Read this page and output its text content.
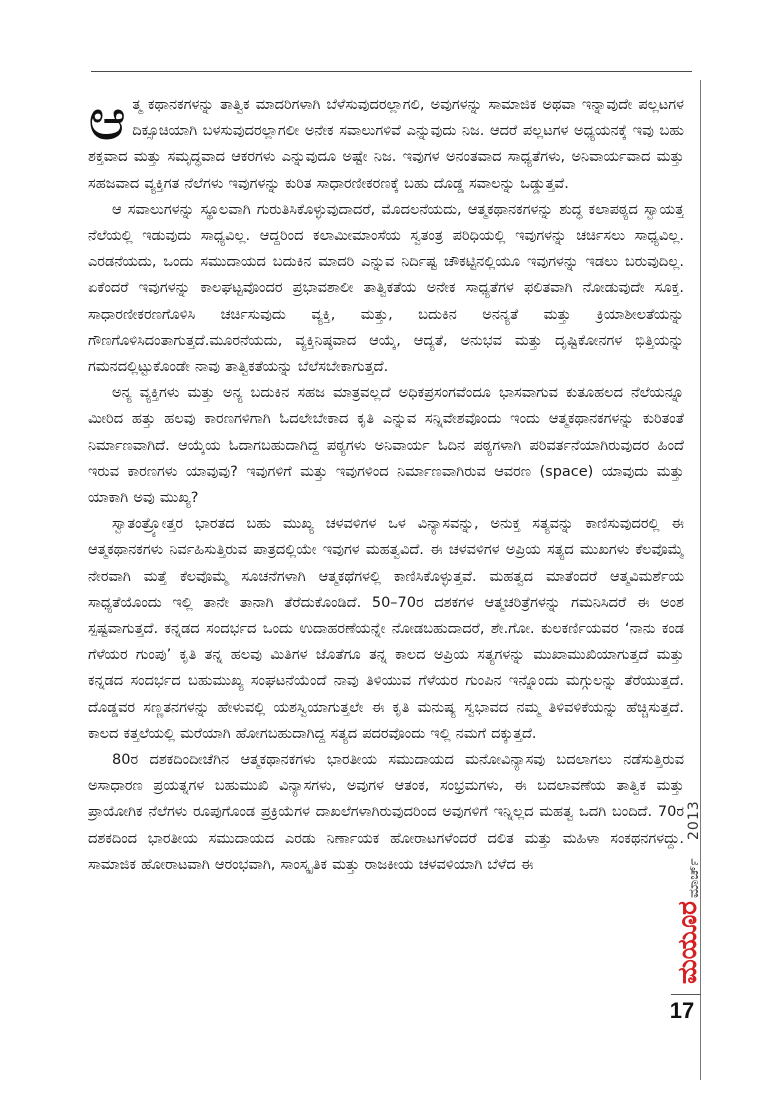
ಆತ್ಮ ಕಥಾನಕಗಳನ್ನು ತಾತ್ವಿಕ ಮಾದರಿಗಳಾಗಿ ಬೆಳೆಸುವುದರಲ್ಲಾಗಲಿ, ಅವುಗಳನ್ನು ಸಾಮಾಜಿಕ ಅಥವಾ ಇನ್ನಾವುದೇ ಪಲ್ಲಟಗಳ ದಿಕ್ಸೂಚಿಯಾಗಿ ಬಳಸುವುದರಲ್ಲಾಗಲೀ ಅನೇಕ ಸವಾಲುಗಳಿವೆ ಎನ್ನುವುದು ನಿಜ. ಆದರೆ ಪಲ್ಲಟಗಳ ಅಧ್ಯಯನಕ್ಕೆ ಇವು ಬಹು ಶಕ್ತವಾದ ಮತ್ತು ಸಮೃದ್ಧವಾದ ಆಕರಗಳು ಎನ್ನುವುದೂ ಅಷ್ಟೇ ನಿಜ. ಇವುಗಳ ಅನಂತವಾದ ಸಾಧ್ಯತೆಗಳು, ಅನಿವಾರ್ಯವಾದ ಮತ್ತು ಸಹಜವಾದ ವ್ಯಕ್ತಿಗತ ನೆಲೆಗಳು ಇವುಗಳನ್ನು ಕುರಿತ ಸಾಧಾರಣೀಕರಣಕ್ಕೆ ಬಹು ದೊಡ್ಡ ಸವಾಲನ್ನು ಒಡ್ಡುತ್ತವೆ.

ಆ ಸವಾಲುಗಳನ್ನು ಸ್ಥೂಲವಾಗಿ ಗುರುತಿಸಿಕೊಳ್ಳುವುದಾದರೆ, ಮೊದಲನೆಯದು, ಆತ್ಮಕಥಾನಕಗಳನ್ನು ಶುದ್ಧ ಕಲಾಪಠ್ಯದ ಸ್ವಾಯತ್ತ ನೆಲೆಯಲ್ಲಿ ಇಡುವುದು ಸಾಧ್ಯವಿಲ್ಲ. ಆದ್ದರಿಂದ ಕಲಾಮೀಮಾಂಸೆಯ ಸ್ವತಂತ್ರ ಪರಿಧಿಯಲ್ಲಿ ಇವುಗಳನ್ನು ಚರ್ಚಿಸಲು ಸಾಧ್ಯವಿಲ್ಲ. ಎರಡನೆಯದು, ಒಂದು ಸಮುದಾಯದ ಬದುಕಿನ ಮಾದರಿ ಎನ್ನುವ ನಿರ್ದಿಷ್ಟ ಚೌಕಟ್ಟಿನಲ್ಲಿಯೂ ಇವುಗಳನ್ನು ಇಡಲು ಬರುವುದಿಲ್ಲ. ಏಕೆಂದರೆ ಇವುಗಳನ್ನು ಕಾಲಘಟ್ಟವೊಂದರ ಪ್ರಭಾವಶಾಲೀ ತಾತ್ವಿಕತೆಯ ಅನೇಕ ಸಾಧ್ಯತೆಗಳ ಫಲಿತವಾಗಿ ನೋಡುವುದೇ ಸೂಕ್ತ. ಸಾಧಾರಣೀಕರಣಗೊಳಿಸಿ ಚರ್ಚಿಸುವುದು ವ್ಯಕ್ತಿ, ಮತ್ತು, ಬದುಕಿನ ಅನನ್ಯತೆ ಮತ್ತು ಕ್ರಿಯಾಶೀಲತೆಯನ್ನು ಗೌಣಗೊಳಿಸಿದಂತಾಗುತ್ತದೆ.ಮೂರನೆಯದು, ವ್ಯಕ್ತಿನಿಷ್ಠವಾದ ಆಯ್ಕೆ, ಆದ್ಯತೆ, ಅನುಭವ ಮತ್ತು ದೃಷ್ಟಿಕೋನಗಳ ಭಿತ್ತಿಯನ್ನು ಗಮನದಲ್ಲಿಟ್ಟುಕೊಂಡೇ ನಾವು ತಾತ್ವಿಕತೆಯನ್ನು ಬೆಲೆಸಬೇಕಾಗುತ್ತದೆ.

ಅನ್ಯ ವ್ಯಕ್ತಿಗಳು ಮತ್ತು ಅನ್ಯ ಬದುಕಿನ ಸಹಜ ಮಾತ್ರವಲ್ಲದೆ ಅಧಿಕಪ್ರಸಂಗವೆಂದೂ ಭಾಸವಾಗುವ ಕುತೂಹಲದ ನೆಲೆಯನ್ನೂ ಮೀರಿದ ಹತ್ತು ಹಲವು ಕಾರಣಗಳಿಗಾಗಿ ಓದಲೇಬೇಕಾದ ಕೃತಿ ಎನ್ನುವ ಸನ್ನಿವೇಶವೊಂದು ಇಂದು ಆತ್ಮಕಥಾನಕಗಳನ್ನು ಕುರಿತಂತೆ ನಿರ್ಮಾಣವಾಗಿದೆ. ಆಯ್ಕೆಯ ಓದಾಗಬಹುದಾಗಿದ್ದ ಪಠ್ಯಗಳು ಅನಿವಾರ್ಯ ಓದಿನ ಪಠ್ಯಗಳಾಗಿ ಪರಿವರ್ತನೆಯಾಗಿರುವುದರ ಹಿಂದೆ ಇರುವ ಕಾರಣಗಳು ಯಾವುವು? ಇವುಗಳಿಗೆ ಮತ್ತು ಇವುಗಳಿಂದ ನಿರ್ಮಾಣವಾಗಿರುವ ಆವರಣ (space) ಯಾವುದು ಮತ್ತು ಯಾಕಾಗಿ ಅವು ಮುಖ್ಯ?

ಸ್ವಾತಂತ್ರ್ಯೋತ್ತರ ಭಾರತದ ಬಹು ಮುಖ್ಯ ಚಳವಳಿಗಳ ಒಳ ವಿನ್ಯಾಸವನ್ನು, ಅನುಕ್ತ ಸತ್ಯವನ್ನು ಕಾಣಿಸುವುದರಲ್ಲಿ ಈ ಆತ್ಮಕಥಾನಕಗಳು ನಿರ್ವಹಿಸುತ್ತಿರುವ ಪಾತ್ರದಲ್ಲಿಯೇ ಇವುಗಳ ಮಹತ್ವವಿದೆ. ಈ ಚಳವಳಿಗಳ ಅಪ್ರಿಯ ಸತ್ಯದ ಮುಖಗಳು ಕೆಲವೊಮ್ಮೆ ನೇರವಾಗಿ ಮತ್ತೆ ಕೆಲವೊಮ್ಮೆ ಸೂಚನೆಗಳಾಗಿ ಆತ್ಮಕಥೆಗಳಲ್ಲಿ ಕಾಣಿಸಿಕೊಳ್ಳುತ್ತವೆ. ಮಹತ್ವದ ಮಾತೆಂದರೆ ಆತ್ಮವಿಮರ್ಶೆಯ ಸಾಧ್ಯತೆಯೊಂದು ಇಲ್ಲಿ ತಾನೇ ತಾನಾಗಿ ತೆರೆದುಕೊಂಡಿದೆ. 50–70ರ ದಶಕಗಳ ಆತ್ಮಚರಿತ್ರೆಗಳನ್ನು ಗಮನಿಸಿದರೆ ಈ ಅಂಶ ಸ್ಪಷ್ಟವಾಗುತ್ತದೆ. ಕನ್ನಡದ ಸಂದರ್ಭದ ಒಂದು ಉದಾಹರಣೆಯನ್ನೇ ನೋಡಬಹುದಾದರೆ, ಶೇ.ಗೋ. ಕುಲಕರ್ಣಿಯವರ ‘ನಾನು ಕಂಡ ಗೆಳೆಯರ ಗುಂಪು’ ಕೃತಿ ತನ್ನ ಹಲವು ಮಿತಿಗಳ ಜೊತೆಗೂ ತನ್ನ ಕಾಲದ ಅಪ್ರಿಯ ಸತ್ಯಗಳನ್ನು ಮುಖಾಮುಖಿಯಾಗುತ್ತದೆ ಮತ್ತು ಕನ್ನಡದ ಸಂದರ್ಭದ ಬಹುಮುಖ್ಯ ಸಂಘಟನೆಯೆಂದೆ ನಾವು ತಿಳಿಯುವ ಗೆಳೆಯರ ಗುಂಪಿನ ಇನ್ನೊಂದು ಮಗ್ಗುಲನ್ನು ತೆರೆಯುತ್ತದೆ. ದೊಡ್ಡವರ ಸಣ್ಣತನಗಳನ್ನು ಹೇಳುವಲ್ಲಿ ಯಶಸ್ವಿಯಾಗುತ್ತಲೇ ಈ ಕೃತಿ ಮನುಷ್ಯ ಸ್ವಭಾವದ ನಮ್ಮ ತಿಳಿವಳಿಕೆಯನ್ನು ಹೆಚ್ಚಿಸುತ್ತದೆ. ಕಾಲದ ಕತ್ತಲೆಯಲ್ಲಿ ಮರೆಯಾಗಿ ಹೋಗಬಹುದಾಗಿದ್ದ ಸತ್ಯದ ಪದರವೊಂದು ಇಲ್ಲಿ ನಮಗೆ ದಕ್ಕುತ್ತದೆ.

80ರ ದಶಕದಿಂದೀಚೆಗಿನ ಆತ್ಮಕಥಾನಕಗಳು ಭಾರತೀಯ ಸಮುದಾಯದ ಮನೋವಿನ್ಯಾಸವು ಬದಲಾಗಲು ನಡೆಸುತ್ತಿರುವ ಅಸಾಧಾರಣ ಪ್ರಯತ್ನಗಳ ಬಹುಮುಖಿ ವಿನ್ಯಾಸಗಳು, ಅವುಗಳ ಆತಂಕ, ಸಂಭ್ರಮಗಳು, ಈ ಬದಲಾವಣೆಯ ತಾತ್ವಿಕ ಮತ್ತು ಪ್ರಾಯೋಗಿಕ ನೆಲೆಗಳು ರೂಪುಗೊಂಡ ಪ್ರಕ್ರಿಯೆಗಳ ದಾಖಲೆಗಳಾಗಿರುವುದರಿಂದ ಅವುಗಳಿಗೆ ಇನ್ನಿಲ್ಲದ ಮಹತ್ವ ಒದಗಿ ಬಂದಿದೆ. 70ರ ದಶಕದಿಂದ ಭಾರತೀಯ ಸಮುದಾಯದ ಎರಡು ನಿರ್ಣಾಯಕ ಹೋರಾಟಗಳೆಂದರೆ ದಲಿತ ಮತ್ತು ಮಹಿಳಾ ಸಂಕಥನಗಳದ್ದು. ಸಾಮಾಜಿಕ ಹೋರಾಟವಾಗಿ ಆರಂಭವಾಗಿ, ಸಾಂಸ್ಕೃತಿಕ ಮತ್ತು ರಾಜಕೀಯ ಚಳವಳಿಯಾಗಿ ಬೆಳೆದ ಈ

2013
ಮಾರ್ಚ್
ಮಯೂರ
17
